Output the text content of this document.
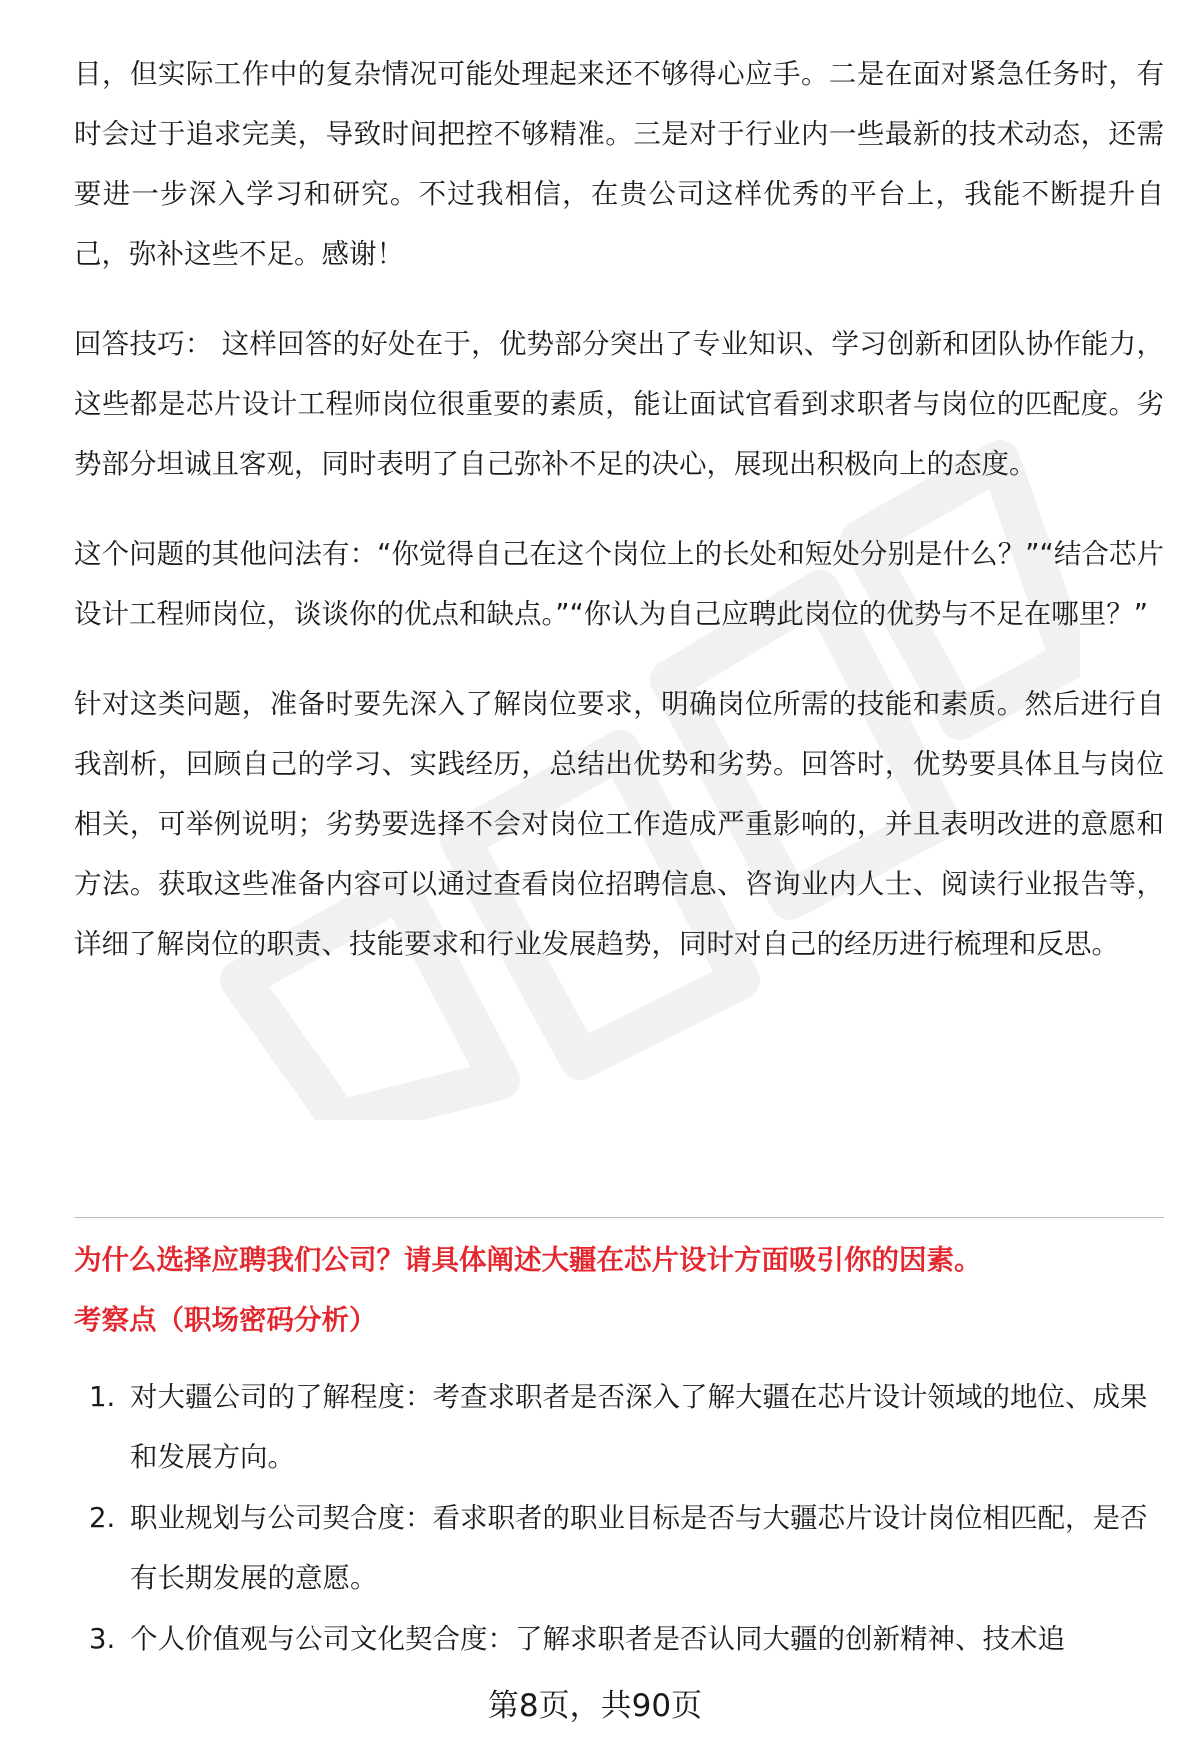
目，但实际工作中的复杂情况可能处理起来还不够得心应手。二是在面对紧急任务时，有时会过于追求完美，导致时间把控不够精准。三是对于行业内一些最新的技术动态，还需要进一步深入学习和研究。不过我相信，在贵公司这样优秀的平台上，我能不断提升自己，弥补这些不足。感谢！

回答技巧： 这样回答的好处在于，优势部分突出了专业知识、学习创新和团队协作能力，这些都是芯片设计工程师岗位很重要的素质，能让面试官看到求职者与岗位的匹配度。劣势部分坦诚且客观，同时表明了自己弥补不足的决心，展现出积极向上的态度。

这个问题的其他问法有：“你觉得自己在这个岗位上的长处和短处分别是什么？”“结合芯片设计工程师岗位，谈谈你的优点和缺点。”“你认为自己应聘此岗位的优势与不足在哪里？”

针对这类问题，准备时要先深入了解岗位要求，明确岗位所需的技能和素质。然后进行自我剖析，回顾自己的学习、实践经历，总结出优势和劣势。回答时，优势要具体且与岗位相关，可举例说明；劣势要选择不会对岗位工作造成严重影响的，并且表明改进的意愿和方法。获取这些准备内容可以通过查看岗位招聘信息、咨询业内人士、阅读行业报告等，详细了解岗位的职责、技能要求和行业发展趋势，同时对自己的经历进行梳理和反思。

为什么选择应聘我们公司？请具体阐述大疆在芯片设计方面吸引你的因素。

考察点（职场密码分析）

1. 对大疆公司的了解程度：考查求职者是否深入了解大疆在芯片设计领域的地位、成果和发展方向。
2. 职业规划与公司契合度：看求职者的职业目标是否与大疆芯片设计岗位相匹配，是否有长期发展的意愿。
3. 个人价值观与公司文化契合度：了解求职者是否认同大疆的创新精神、技术追
第8页，共90页
